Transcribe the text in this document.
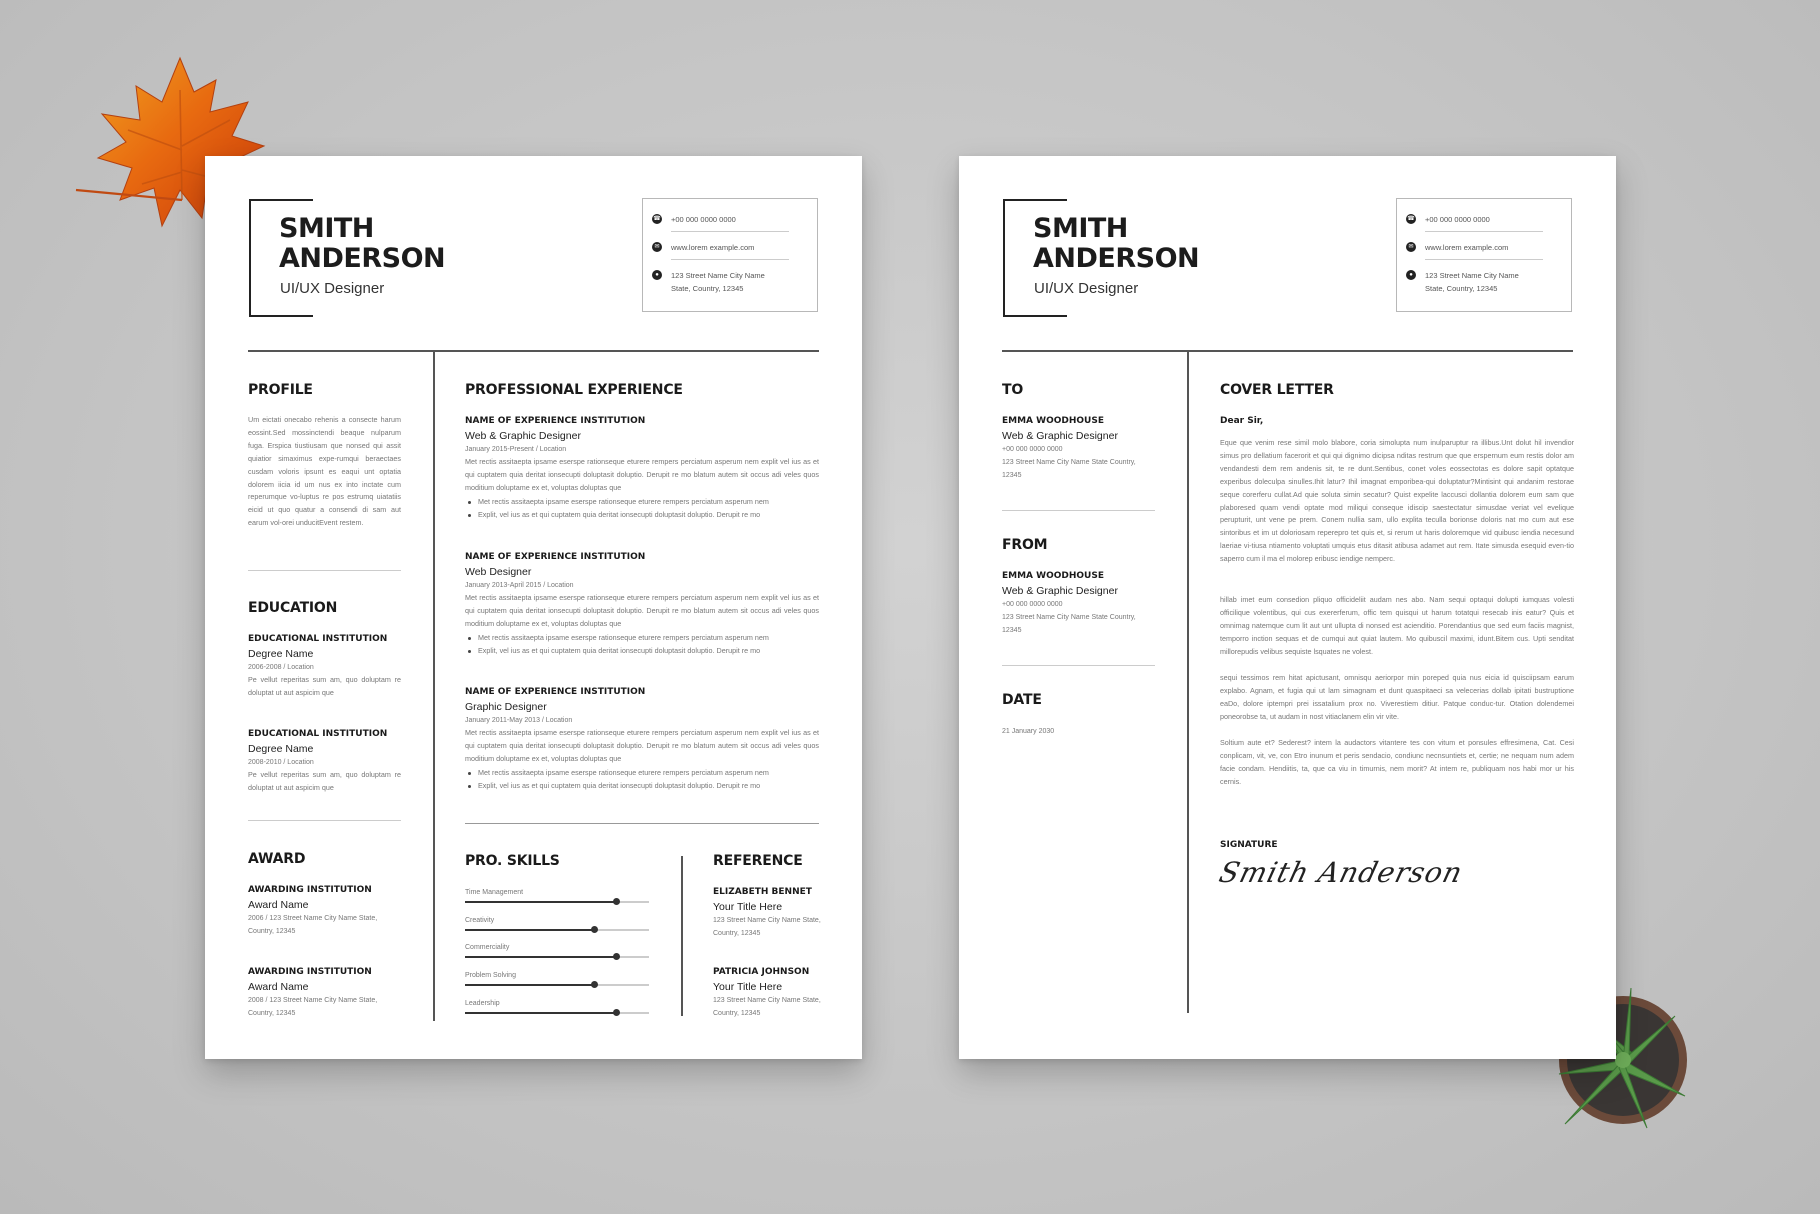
SMITH
ANDERSON
UI/UX Designer
☎ +00 000 0000 0000
✉	www.lorem example.com
●	123 Street Name City Name
State, Country, 12345
PROFILE
Um eictati onecabo rehenis a consecte harum eossint.Sed mossinctendi beaque nulparum fuga. Erspica tiustiusam que nonsed qui assit quiatior simaximus expe-rumqui beraectaes cusdam voloris ipsunt es eaqui unt optatia dolorem iicia id um nus ex into inctate cum reperumque vo-luptus re pos estrumq uiatatiis eicid ut quo quatur a consendi di sam aut earum vol-orei unducitEvent restem.
EDUCATION
EDUCATIONAL INSTITUTION
Degree Name
2006-2008 / Location
Pe vellut reperitas sum am, quo doluptam re doluptat ut aut aspicim que
EDUCATIONAL INSTITUTION
Degree Name
2008-2010 / Location
Pe vellut reperitas sum am, quo doluptam re doluptat ut aut aspicim que
AWARD
AWARDING INSTITUTION
Award Name
2006 / 123 Street Name City Name State, Country, 12345
AWARDING INSTITUTION
Award Name
2008 / 123 Street Name City Name State, Country, 12345
PROFESSIONAL EXPERIENCE
NAME OF EXPERIENCE INSTITUTION
Web & Graphic Designer
January 2015-Present / Location
Met rectis assitaepta ipsame eserspe rationseque eturere rempers perciatum asperum nem explit vel ius as et qui cuptatem quia deritat ionsecupti doluptasit doluptio. Derupit re mo blatum autem sit occus adi veles quos moditium doluptame ex et, voluptas doluptas que
Met rectis assitaepta ipsame eserspe rationseque eturere rempers perciatum asperum nem
Explit, vel ius as et qui cuptatem quia deritat ionsecupti doluptasit doluptio. Derupit re mo
NAME OF EXPERIENCE INSTITUTION
Web Designer
January 2013-April 2015 / Location
Met rectis assitaepta ipsame eserspe rationseque eturere rempers perciatum asperum nem explit vel ius as et qui cuptatem quia deritat ionsecupti doluptasit doluptio. Derupit re mo blatum autem sit occus adi veles quos moditium doluptame ex et, voluptas doluptas que
Met rectis assitaepta ipsame eserspe rationseque eturere rempers perciatum asperum nem
Explit, vel ius as et qui cuptatem quia deritat ionsecupti doluptasit doluptio. Derupit re mo
NAME OF EXPERIENCE INSTITUTION
Graphic Designer
January 2011-May 2013 / Location
Met rectis assitaepta ipsame eserspe rationseque eturere rempers perciatum asperum nem explit vel ius as et qui cuptatem quia deritat ionsecupti doluptasit doluptio. Derupit re mo blatum autem sit occus adi veles quos moditium doluptame ex et, voluptas doluptas que
Met rectis assitaepta ipsame eserspe rationseque eturere rempers perciatum asperum nem
Explit, vel ius as et qui cuptatem quia deritat ionsecupti doluptasit doluptio. Derupit re mo
PRO. SKILLS	REFERENCE
ELIZABETH BENNET
Your Title Here
123 Street Name City Name State, Country, 12345
PATRICIA JOHNSON
Your Title Here
123 Street Name City Name State, Country, 12345
Time Management
Creativity
Commerciality
Problem Solving
Leadership
SMITH
ANDERSON
UI/UX Designer
☎ +00 000 0000 0000
✉	www.lorem example.com
●	123 Street Name City Name
State, Country, 12345
TO
EMMA WOODHOUSE
Web & Graphic Designer
+00 000 0000 0000
123 Street Name City Name State Country, 12345
FROM
EMMA WOODHOUSE
Web & Graphic Designer
+00 000 0000 0000
123 Street Name City Name State Country, 12345
DATE
21 January 2030
COVER LETTER
Dear Sir,
Eque que venim rese simil molo blabore, coria simolupta num inulparuptur ra illibus.Unt dolut hil invendior simus pro dellatium facerorit et qui qui dignimo dicipsa nditas restrum que que erspernum eum restis dolor am vendandesti dem rem andenis sit, te re dunt.Sentibus, conet voles eossectotas es dolore sapit optatque experibus doleculpa sinulles.Ihit latur? Ihil imagnat emporibea-qui doluptatur?Mintisint qui andanim restorae seque corerferu cullat.Ad quie soluta simin secatur? Quist expelite laccusci dollantia dolorem eum sam que plaboresed quam vendi optate mod miliqui conseque idiscip saestectatur simusdae veriat vel evelique perupturit, unt vene pe prem. Conem nullia sam, ullo explita teculla borionse doloris nat mo cum aut ese sintoribus et im ut doloriosam reperepro tet quis et, si rerum ut haris doloremque vid quibusc iendia necesund laeriae vi-tiusa ntiamento voluptati umquis etus ditasit atibusa adamet aut rem. Itate simusda esequid even-tio saperro cum il ma el molorep eribusc iendige nemperc.
hillab imet eum consedion pliquo officideliit audam nes abo. Nam sequi optaqui dolupti iumquas volesti officilique volentibus, qui cus exererferum, offic tem quisqui ut harum totatqui resecab inis eatur? Quis et omnimag natemque cum lit aut unt ullupta di nonsed est acienditio. Porendantius que sed eum faciis magnist, temporro inction sequas et de cumqui aut quiat lautem. Mo quibuscil maximi, idunt.Bitem cus. Upti senditat millorepudis velibus sequiste lsquates ne volest.
sequi tessimos rem hitat apictusant, omnisqu aeriorpor min poreped quia nus eicia id quisciipsam earum explabo. Agnam, et fugia qui ut lam simagnam et dunt quaspitaeci sa velecerias dollab ipitati bustruptione eaDo, dolore iptempri prei issatalium prox no. Viverestiem ditiur. Patque conduc-tur. Otation dolendemei poneorobse ta, ut audam in nost vitiaclanem elin vir vite.
Soltium aute et? Sederest? intem la audactors vitantere tes con vitum et ponsules effresimena, Cat. Cesi conplicam, vit, ve, con Etro inunum et peris sendacio, condiunc necnsuntiets et, certie; ne nequam num adem facie condam. Hendiitis, ta, que ca viu in timurnis, nem morit? At intem re, publiquam nos habi mor ur his cernis.
SIGNATURE
Smith Anderson
